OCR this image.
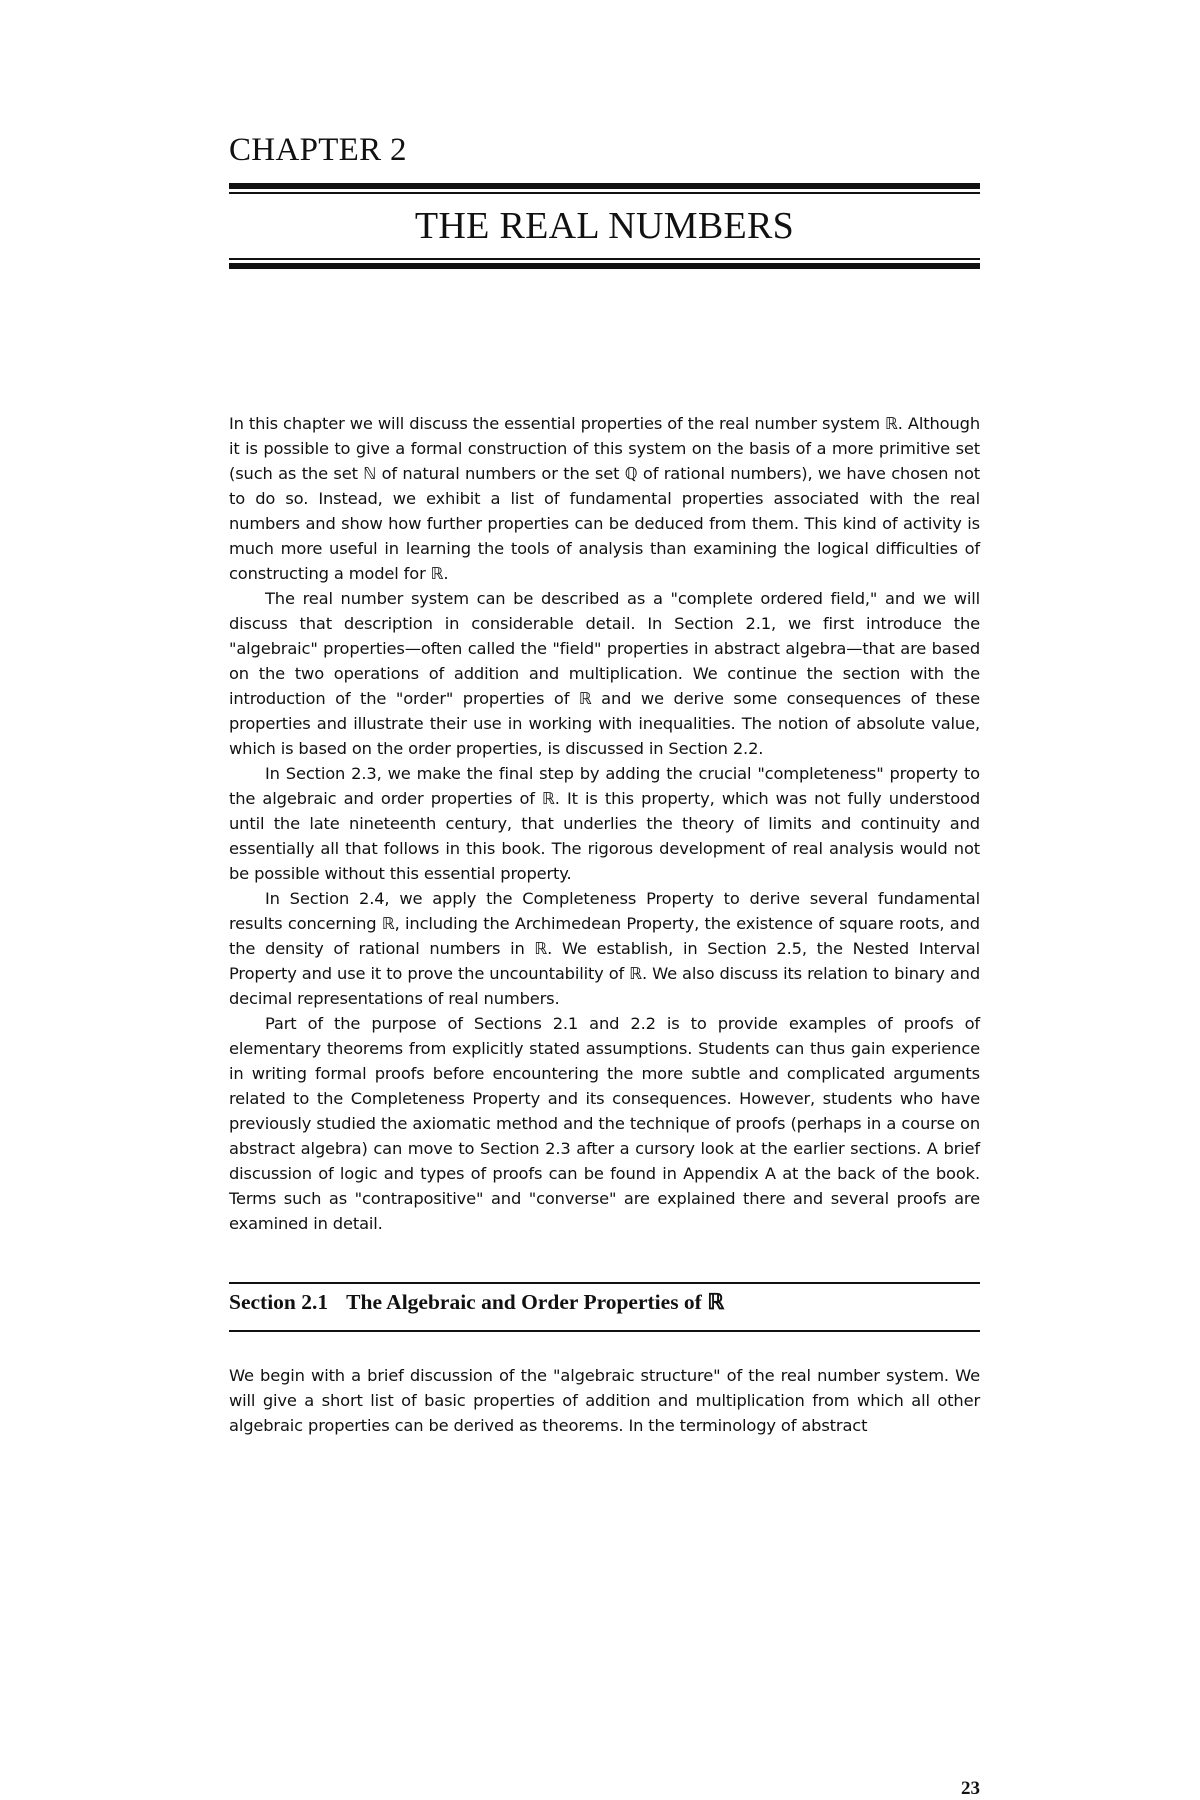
CHAPTER 2
THE REAL NUMBERS

In this chapter we will discuss the essential properties of the real number system ℝ. Although it is possible to give a formal construction of this system on the basis of a more primitive set (such as the set ℕ of natural numbers or the set ℚ of rational numbers), we have chosen not to do so. Instead, we exhibit a list of fundamental properties associated with the real numbers and show how further properties can be deduced from them. This kind of activity is much more useful in learning the tools of analysis than examining the logical difficulties of constructing a model for ℝ.

The real number system can be described as a "complete ordered field," and we will discuss that description in considerable detail. In Section 2.1, we first introduce the "algebraic" properties—often called the "field" properties in abstract algebra—that are based on the two operations of addition and multiplication. We continue the section with the introduction of the "order" properties of ℝ and we derive some consequences of these properties and illustrate their use in working with inequalities. The notion of absolute value, which is based on the order properties, is discussed in Section 2.2.

In Section 2.3, we make the final step by adding the crucial "completeness" property to the algebraic and order properties of ℝ. It is this property, which was not fully understood until the late nineteenth century, that underlies the theory of limits and continuity and essentially all that follows in this book. The rigorous development of real analysis would not be possible without this essential property.

In Section 2.4, we apply the Completeness Property to derive several fundamental results concerning ℝ, including the Archimedean Property, the existence of square roots, and the density of rational numbers in ℝ. We establish, in Section 2.5, the Nested Interval Property and use it to prove the uncountability of ℝ. We also discuss its relation to binary and decimal representations of real numbers.

Part of the purpose of Sections 2.1 and 2.2 is to provide examples of proofs of elementary theorems from explicitly stated assumptions. Students can thus gain experience in writing formal proofs before encountering the more subtle and complicated arguments related to the Completeness Property and its consequences. However, students who have previously studied the axiomatic method and the technique of proofs (perhaps in a course on abstract algebra) can move to Section 2.3 after a cursory look at the earlier sections. A brief discussion of logic and types of proofs can be found in Appendix A at the back of the book. Terms such as "contrapositive" and "converse" are explained there and several proofs are examined in detail.

Section 2.1 The Algebraic and Order Properties of ℝ

We begin with a brief discussion of the "algebraic structure" of the real number system. We will give a short list of basic properties of addition and multiplication from which all other algebraic properties can be derived as theorems. In the terminology of abstract

23
